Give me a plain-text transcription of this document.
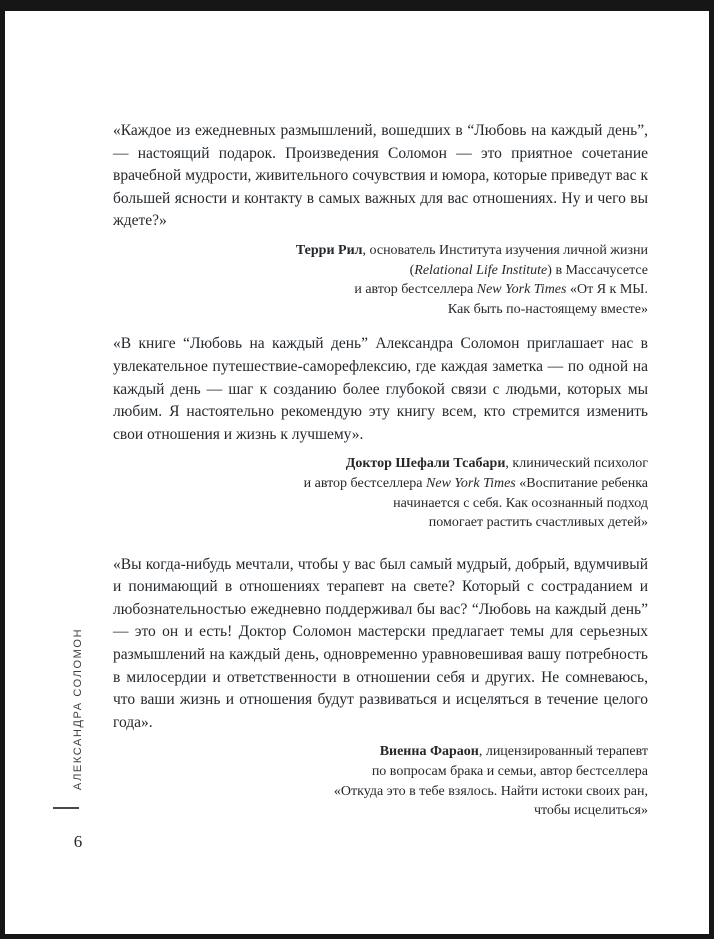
АЛЕКСАНДРА СОЛОМОН
6

«Каждое из ежедневных размышлений, вошедших в “Любовь на каждый день”, — настоящий подарок. Произведения Соломон — это приятное сочетание врачебной мудрости, живительного сочувствия и юмора, которые приведут вас к большей ясности и контакту в самых важных для вас отношениях. Ну и чего вы ждете?»

Терри Рил, основатель Института изучения личной жизни
(Relational Life Institute) в Массачусетсе
и автор бестселлера New York Times «От Я к МЫ.
Как быть по-настоящему вместе»

«В книге “Любовь на каждый день” Александра Соломон приглашает нас в увлекательное путешествие-саморефлексию, где каждая заметка — по одной на каждый день — шаг к созданию более глубокой связи с людьми, которых мы любим. Я настоятельно рекомендую эту книгу всем, кто стремится изменить свои отношения и жизнь к лучшему».

Доктор Шефали Тсабари, клинический психолог
и автор бестселлера New York Times «Воспитание ребенка
начинается с себя. Как осознанный подход
помогает растить счастливых детей»

«Вы когда-нибудь мечтали, чтобы у вас был самый мудрый, добрый, вдумчивый и понимающий в отношениях терапевт на свете? Который с состраданием и любознательностью ежедневно поддерживал бы вас? “Любовь на каждый день” — это он и есть! Доктор Соломон мастерски предлагает темы для серьезных размышлений на каждый день, одновременно уравновешивая вашу потребность в милосердии и ответственности в отношении себя и других. Не сомневаюсь, что ваши жизнь и отношения будут развиваться и исцеляться в течение целого года».

Виенна Фараон, лицензированный терапевт
по вопросам брака и семьи, автор бестселлера
«Откуда это в тебе взялось. Найти истоки своих ран,
чтобы исцелиться»
